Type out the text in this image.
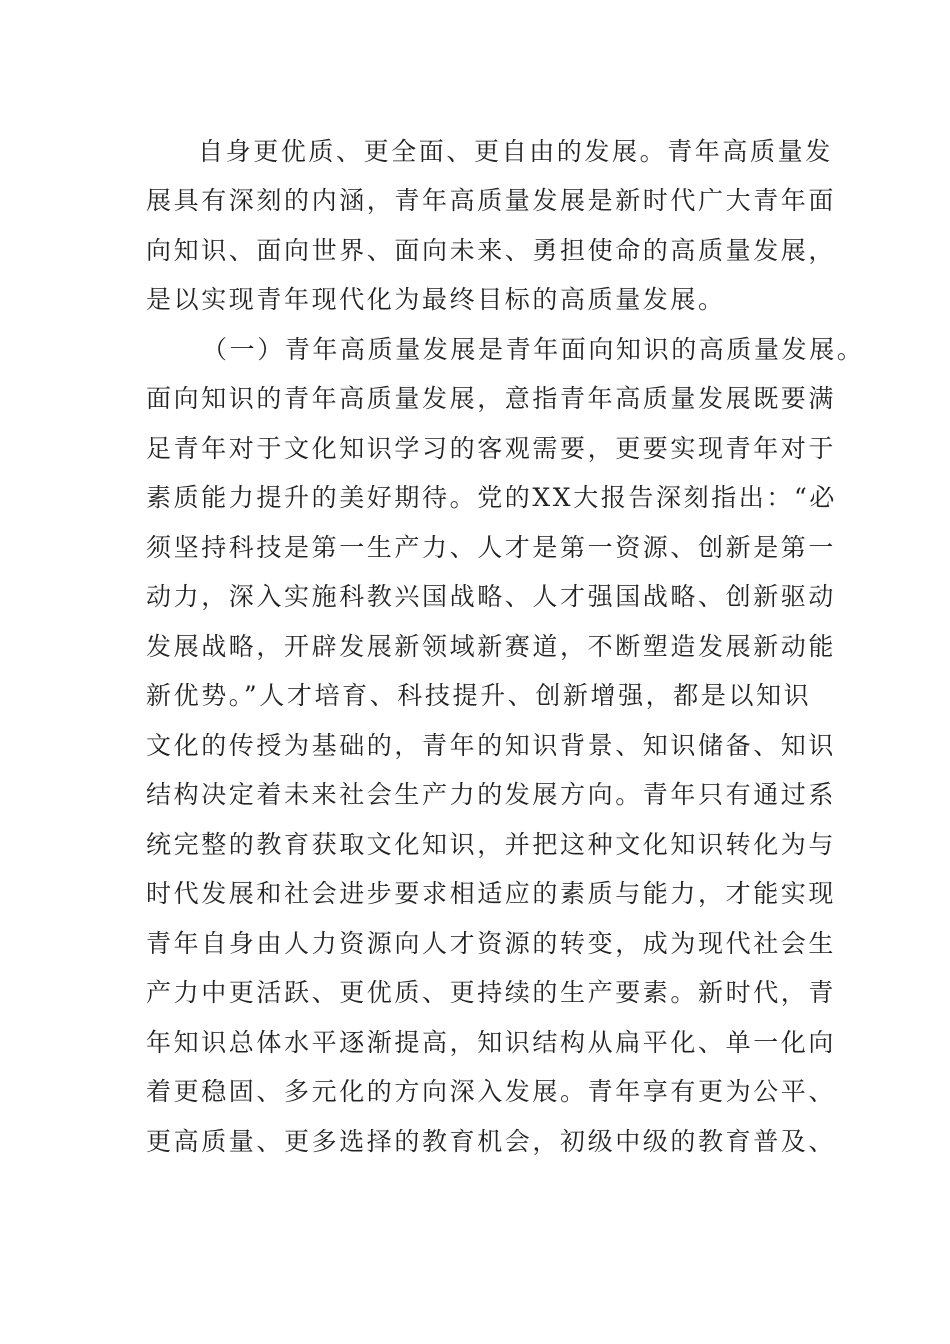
自身更优质、更全面、更自由的发展。青年高质量发
展具有深刻的内涵，青年高质量发展是新时代广大青年面
向知识、面向世界、面向未来、勇担使命的高质量发展，
是以实现青年现代化为最终目标的高质量发展。
（一）青年高质量发展是青年面向知识的高质量发展。
面向知识的青年高质量发展，意指青年高质量发展既要满
足青年对于文化知识学习的客观需要，更要实现青年对于
素质能力提升的美好期待。党的XX大报告深刻指出：“必
须坚持科技是第一生产力、人才是第一资源、创新是第一
动力，深入实施科教兴国战略、人才强国战略、创新驱动
发展战略，开辟发展新领域新赛道，不断塑造发展新动能
新优势。”人才培育、科技提升、创新增强，都是以知识
文化的传授为基础的，青年的知识背景、知识储备、知识
结构决定着未来社会生产力的发展方向。青年只有通过系
统完整的教育获取文化知识，并把这种文化知识转化为与
时代发展和社会进步要求相适应的素质与能力，才能实现
青年自身由人力资源向人才资源的转变，成为现代社会生
产力中更活跃、更优质、更持续的生产要素。新时代，青
年知识总体水平逐渐提高，知识结构从扁平化、单一化向
着更稳固、多元化的方向深入发展。青年享有更为公平、
更高质量、更多选择的教育机会，初级中级的教育普及、
